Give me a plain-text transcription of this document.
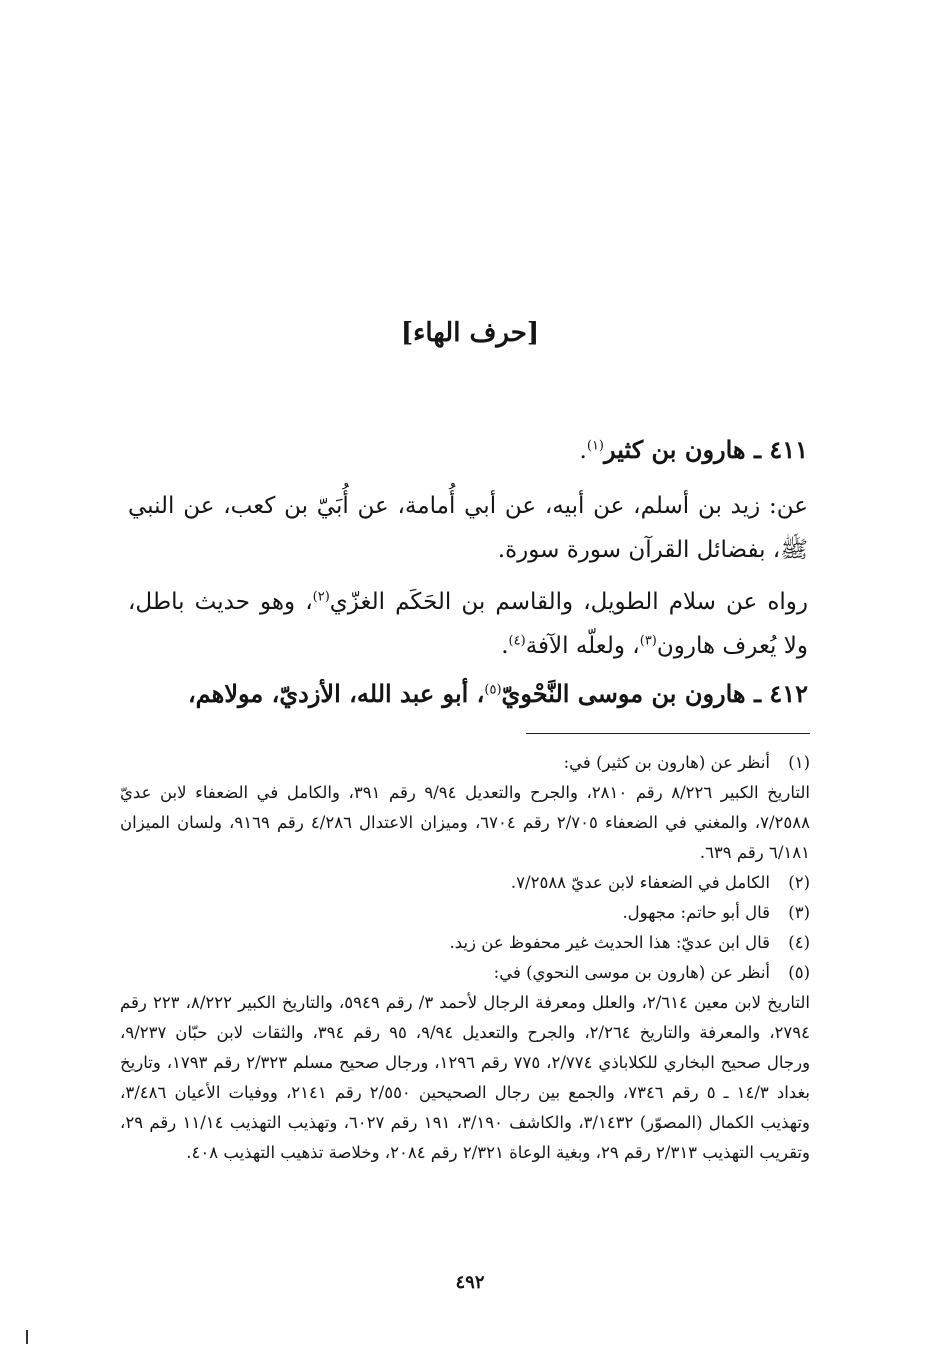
[حرف الهاء]
٤١١ ـ هارون بن كثير$^{(١)}$.
عن: زيد بن أسلم، عن أبيه، عن أبي أُمامة، عن أُبَيّ بن كعب، عن النبي ﷺ، بفضائل القرآن سورة سورة.
رواه عن سلام الطويل، والقاسم بن الحَكَم الغزّي$^{(٢)}$، وهو حديث باطل، ولا يُعرف هارون$^{(٣)}$، ولعلّه الآفة$^{(٤)}$.
٤١٢ ـ هارون بن موسى النَّحْويّ$^{(٥)}$، أبو عبد الله، الأزديّ، مولاهم،
(١)
أنظر عن (هارون بن كثير) في:
التاريخ الكبير ٨/٢٢٦ رقم ٢٨١٠، والجرح والتعديل ٩/٩٤ رقم ٣٩١، والكامل في الضعفاء لابن عديّ ٧/٢٥٨٨، والمغني في الضعفاء ٢/٧٠٥ رقم ٦٧٠٤، وميزان الاعتدال ٤/٢٨٦ رقم ٩١٦٩، ولسان الميزان ٦/١٨١ رقم ٦٣٩.
(٢)
الكامل في الضعفاء لابن عديّ ٧/٢٥٨٨.
(٣)
قال أبو حاتم: مجهول.
(٤)
قال ابن عديّ: هذا الحديث غير محفوظ عن زيد.
(٥)
أنظر عن (هارون بن موسى النحوي) في:
التاريخ لابن معين ٢/٦١٤، والعلل ومعرفة الرجال لأحمد ٣/ رقم ٥٩٤٩، والتاريخ الكبير ٨/٢٢٢، ٢٢٣ رقم ٢٧٩٤، والمعرفة والتاريخ ٢/٢٦٤، والجرح والتعديل ٩/٩٤، ٩٥ رقم ٣٩٤، والثقات لابن حبّان ٩/٢٣٧، ورجال صحيح البخاري للكلاباذي ٢/٧٧٤، ٧٧٥ رقم ١٢٩٦، ورجال صحيح مسلم ٢/٣٢٣ رقم ١٧٩٣، وتاريخ بغداد ١٤/٣ ـ ٥ رقم ٧٣٤٦، والجمع بين رجال الصحيحين ٢/٥٥٠ رقم ٢١٤١، ووفيات الأعيان ٣/٤٨٦، وتهذيب الكمال (المصوّر) ٣/١٤٣٢، والكاشف ٣/١٩٠، ١٩١ رقم ٦٠٢٧، وتهذيب التهذيب ١١/١٤ رقم ٢٩، وتقريب التهذيب ٢/٣١٣ رقم ٢٩، وبغية الوعاة ٢/٣٢١ رقم ٢٠٨٤، وخلاصة تذهيب التهذيب ٤٠٨.
٤٩٢
